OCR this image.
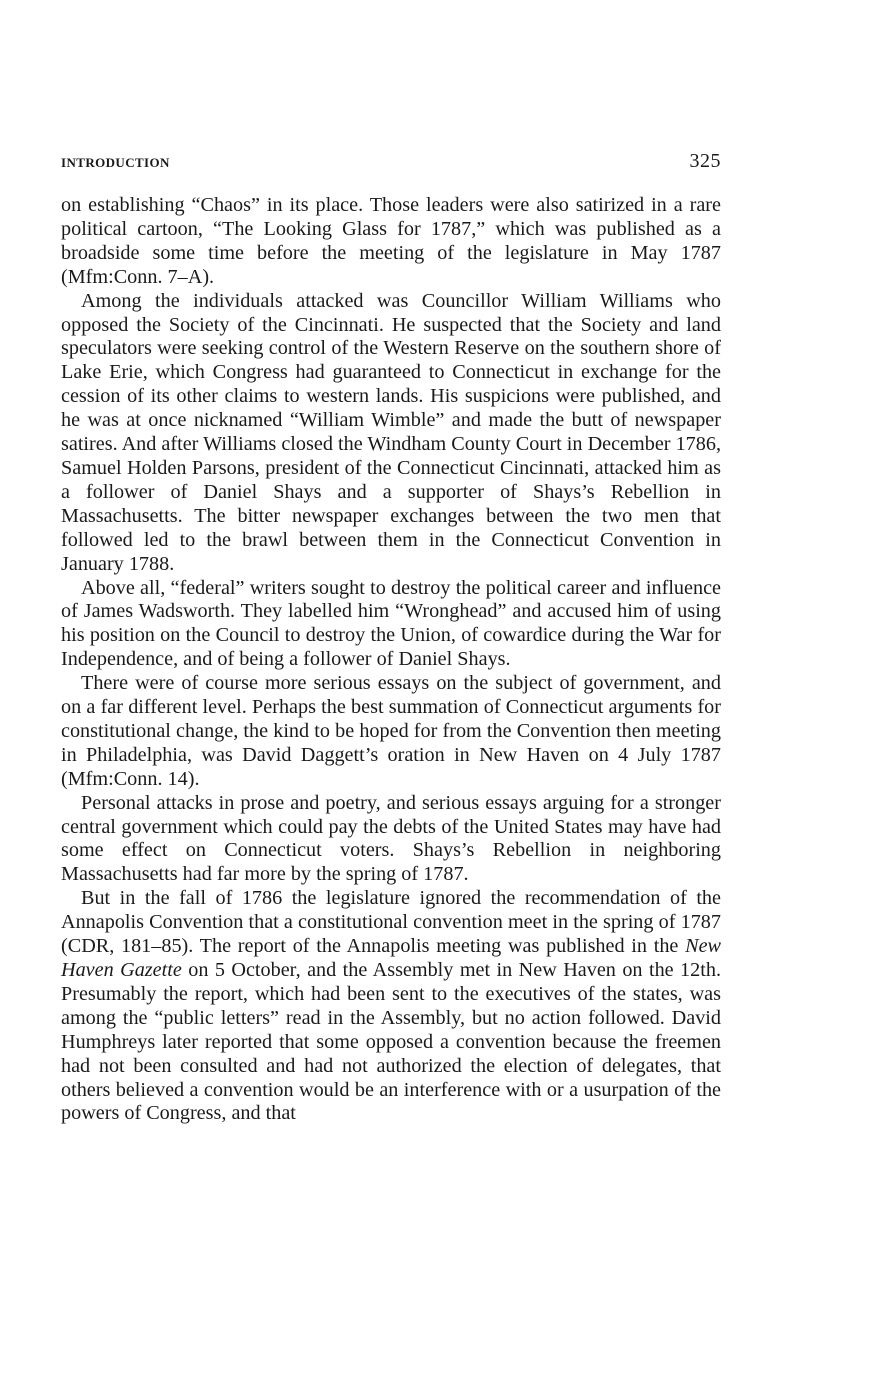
INTRODUCTION	325

on establishing “Chaos” in its place. Those leaders were also satirized in a rare political cartoon, “The Looking Glass for 1787,” which was published as a broadside some time before the meeting of the legislature in May 1787 (Mfm:Conn. 7–A).

Among the individuals attacked was Councillor William Williams who opposed the Society of the Cincinnati. He suspected that the Society and land speculators were seeking control of the Western Reserve on the southern shore of Lake Erie, which Congress had guaranteed to Connecticut in exchange for the cession of its other claims to western lands. His suspicions were published, and he was at once nicknamed “William Wimble” and made the butt of newspaper satires. And after Williams closed the Windham County Court in December 1786, Samuel Holden Parsons, president of the Connecticut Cincinnati, attacked him as a follower of Daniel Shays and a supporter of Shays’s Rebellion in Massachusetts. The bitter newspaper exchanges between the two men that followed led to the brawl between them in the Connecticut Convention in January 1788.

Above all, “federal” writers sought to destroy the political career and influence of James Wadsworth. They labelled him “Wronghead” and accused him of using his position on the Council to destroy the Union, of cowardice during the War for Independence, and of being a follower of Daniel Shays.

There were of course more serious essays on the subject of government, and on a far different level. Perhaps the best summation of Connecticut arguments for constitutional change, the kind to be hoped for from the Convention then meeting in Philadelphia, was David Daggett’s oration in New Haven on 4 July 1787 (Mfm:Conn. 14).

Personal attacks in prose and poetry, and serious essays arguing for a stronger central government which could pay the debts of the United States may have had some effect on Connecticut voters. Shays’s Rebellion in neighboring Massachusetts had far more by the spring of 1787.

But in the fall of 1786 the legislature ignored the recommendation of the Annapolis Convention that a constitutional convention meet in the spring of 1787 (CDR, 181–85). The report of the Annapolis meeting was published in the New Haven Gazette on 5 October, and the Assembly met in New Haven on the 12th. Presumably the report, which had been sent to the executives of the states, was among the “public letters” read in the Assembly, but no action followed. David Humphreys later reported that some opposed a convention because the freemen had not been consulted and had not authorized the election of delegates, that others believed a convention would be an interference with or a usurpation of the powers of Congress, and that
